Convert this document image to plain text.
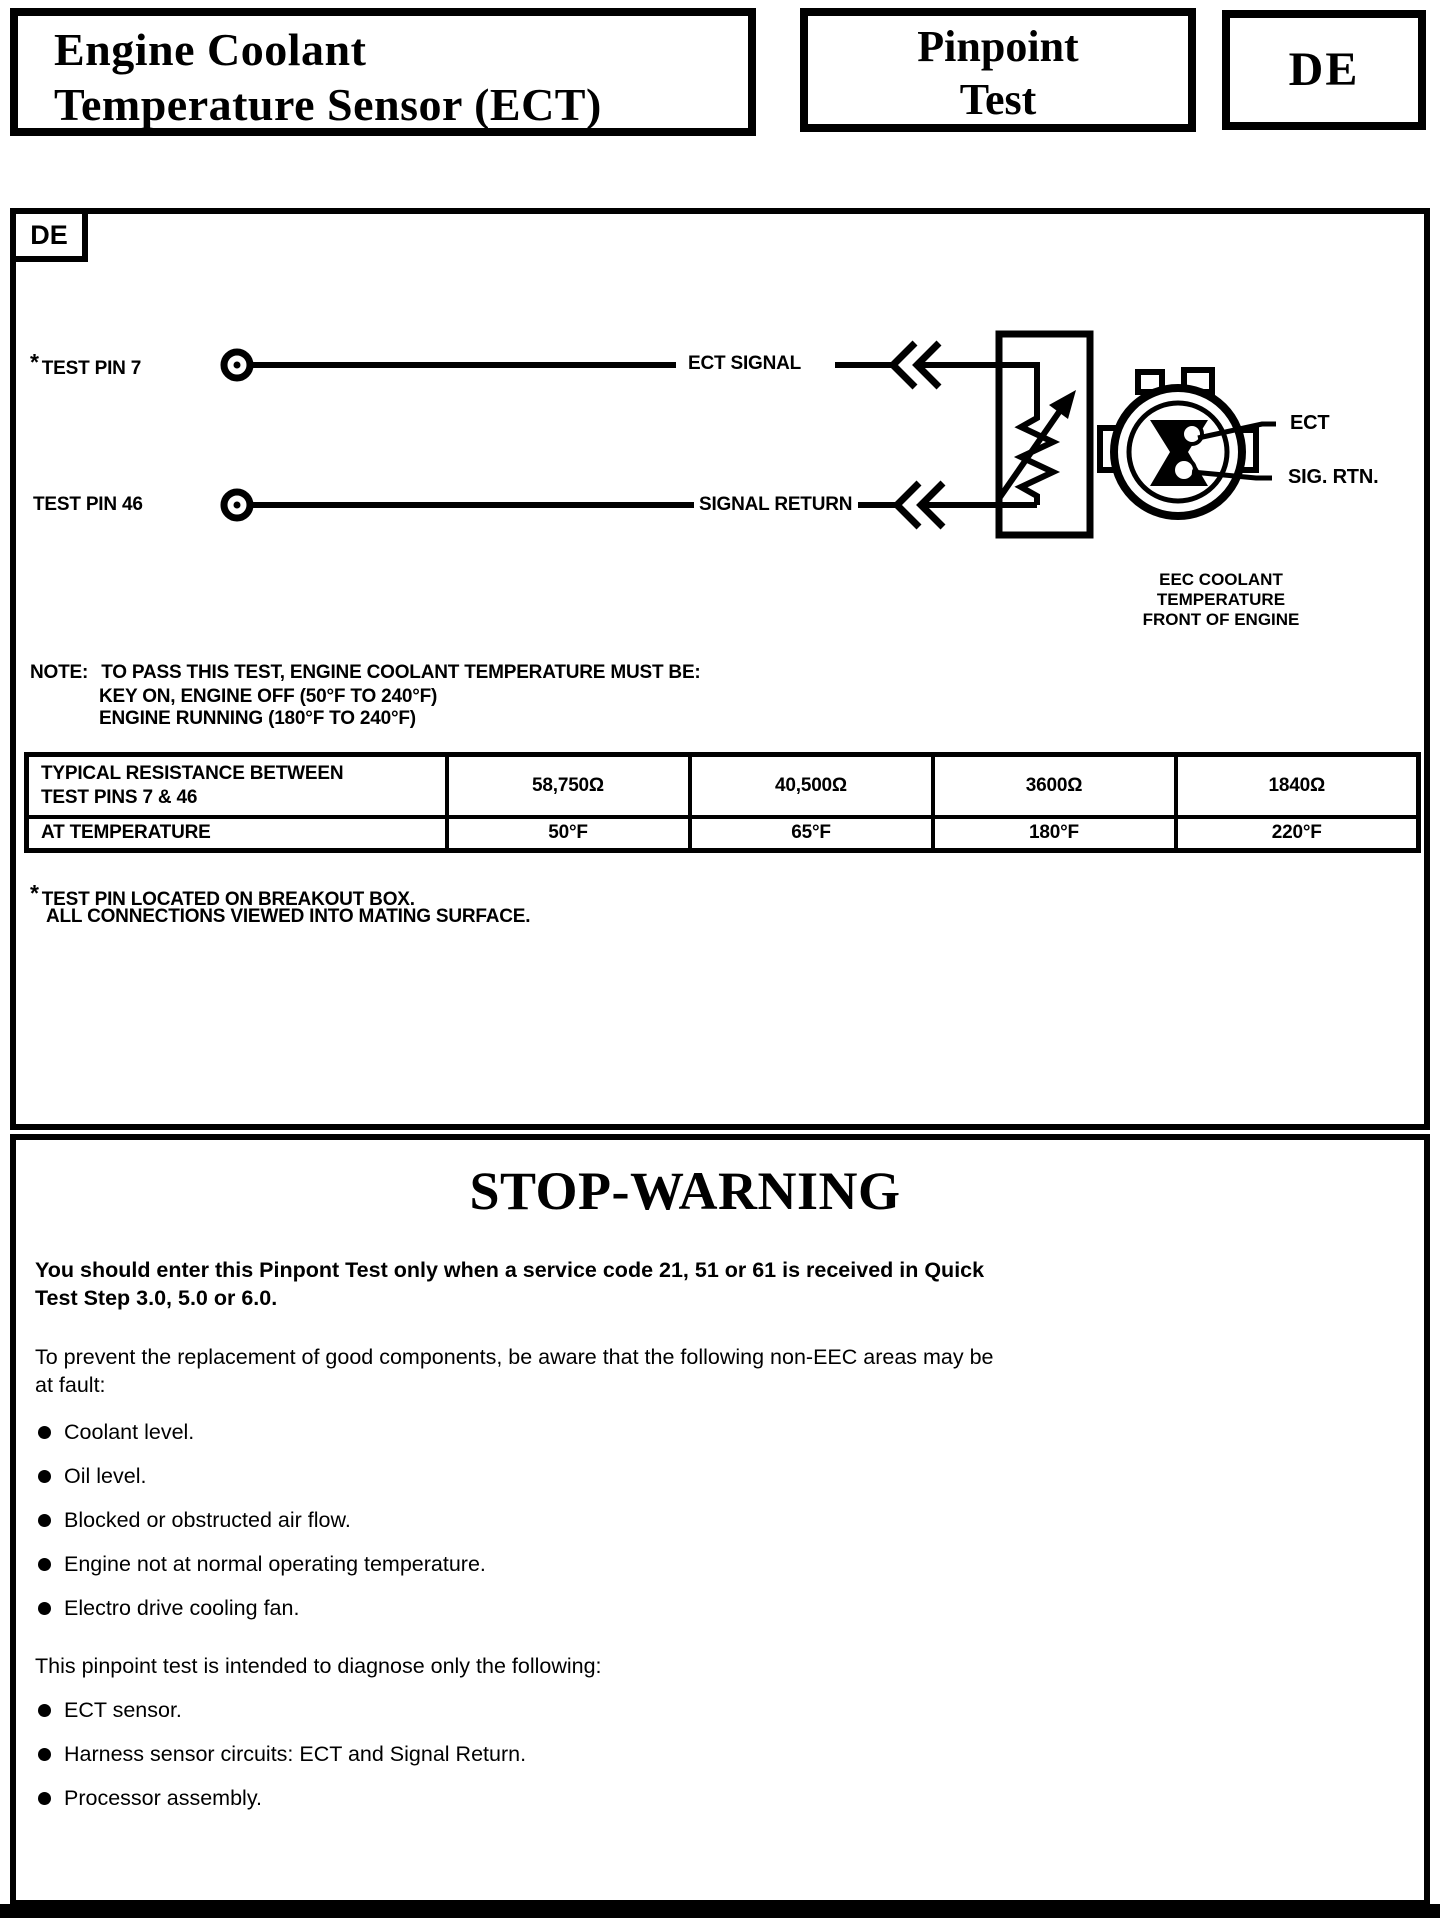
Engine Coolant
Temperature Sensor (ECT)
Pinpoint
Test
DE
DE
* TEST PIN 7
TEST PIN 46
ECT SIGNAL
SIGNAL RETURN
ECT
SIG. RTN.
EEC COOLANT
TEMPERATURE
FRONT OF ENGINE
NOTE: TO PASS THIS TEST, ENGINE COOLANT TEMPERATURE MUST BE:
KEY ON, ENGINE OFF (50°F TO 240°F)
ENGINE RUNNING (180°F TO 240°F)
TYPICAL RESISTANCE BETWEEN
TEST PINS 7 & 46	58,750Ω	40,500Ω	3600Ω	1840Ω
AT TEMPERATURE	50°F	65°F	180°F	220°F
* TEST PIN LOCATED ON BREAKOUT BOX.
ALL CONNECTIONS VIEWED INTO MATING SURFACE.
STOP-WARNING
You should enter this Pinpont Test only when a service code 21, 51 or 61 is received in Quick
Test Step 3.0, 5.0 or 6.0.
To prevent the replacement of good components, be aware that the following non-EEC areas may be
at fault:
Coolant level.
Oil level.
Blocked or obstructed air flow.
Engine not at normal operating temperature.
Electro drive cooling fan.
This pinpoint test is intended to diagnose only the following:
ECT sensor.
Harness sensor circuits: ECT and Signal Return.
Processor assembly.
